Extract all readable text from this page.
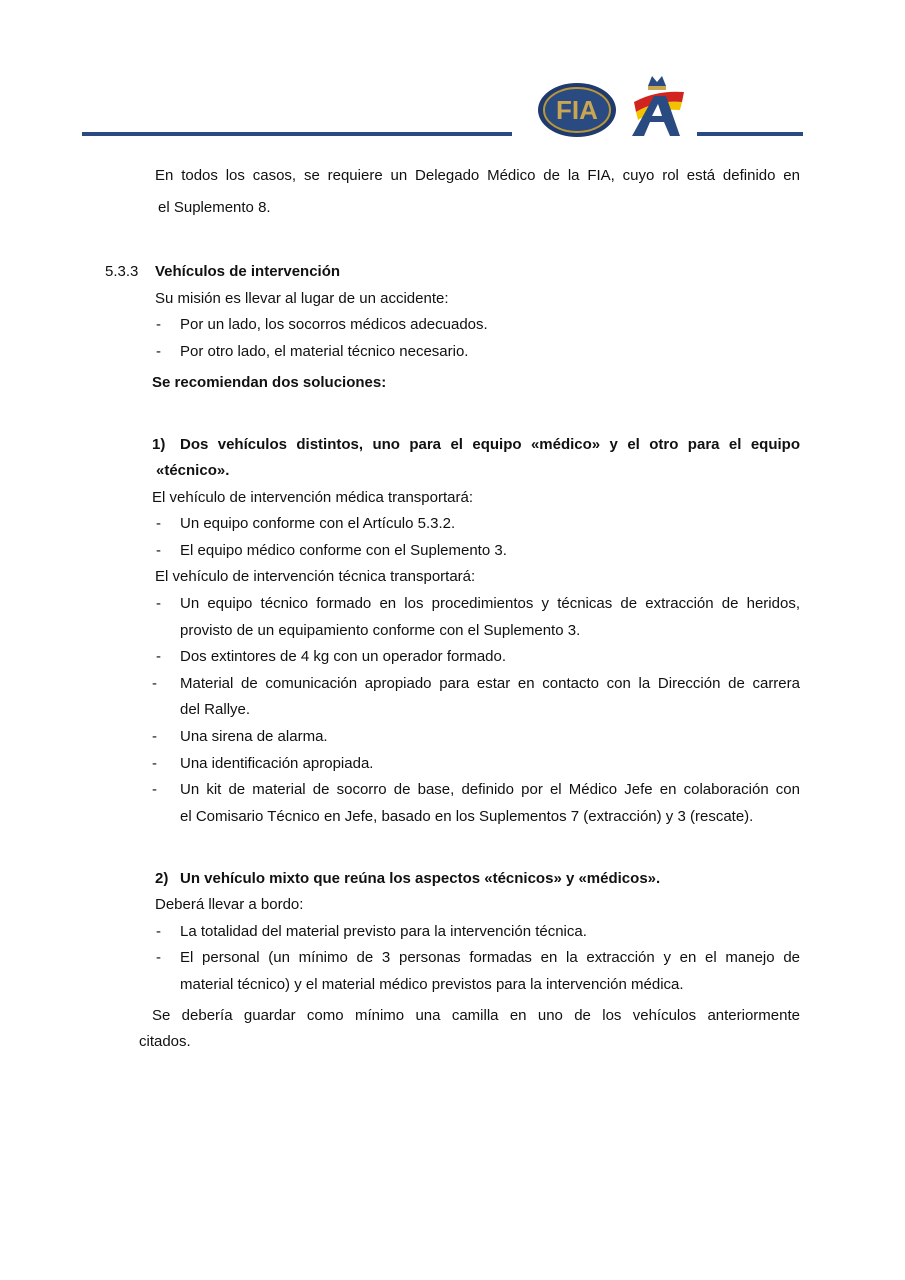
FIA
En todos los casos, se requiere un Delegado Médico de la FIA, cuyo rol está definido en
el Suplemento 8.
5.3.3 Vehículos de intervención
Su misión es llevar al lugar de un accidente:
- Por un lado, los socorros médicos adecuados.
- Por otro lado, el material técnico necesario.
Se recomiendan dos soluciones:
1) Dos vehículos distintos, uno para el equipo «médico» y el otro para el equipo
«técnico».
El vehículo de intervención médica transportará:
- Un equipo conforme con el Artículo 5.3.2.
- El equipo médico conforme con el Suplemento 3.
El vehículo de intervención técnica transportará:
- Un equipo técnico formado en los procedimientos y técnicas de extracción de heridos,
provisto de un equipamiento conforme con el Suplemento 3.
- Dos extintores de 4 kg con un operador formado.
- Material de comunicación apropiado para estar en contacto con la Dirección de carrera
del Rallye.
- Una sirena de alarma.
- Una identificación apropiada.
- Un kit de material de socorro de base, definido por el Médico Jefe en colaboración con
el Comisario Técnico en Jefe, basado en los Suplementos 7 (extracción) y 3 (rescate).
2) Un vehículo mixto que reúna los aspectos «técnicos» y «médicos».
Deberá llevar a bordo:
- La totalidad del material previsto para la intervención técnica.
- El personal (un mínimo de 3 personas formadas en la extracción y en el manejo de
material técnico) y el material médico previstos para la intervención médica.
Se debería guardar como mínimo una camilla en uno de los vehículos anteriormente
citados.
